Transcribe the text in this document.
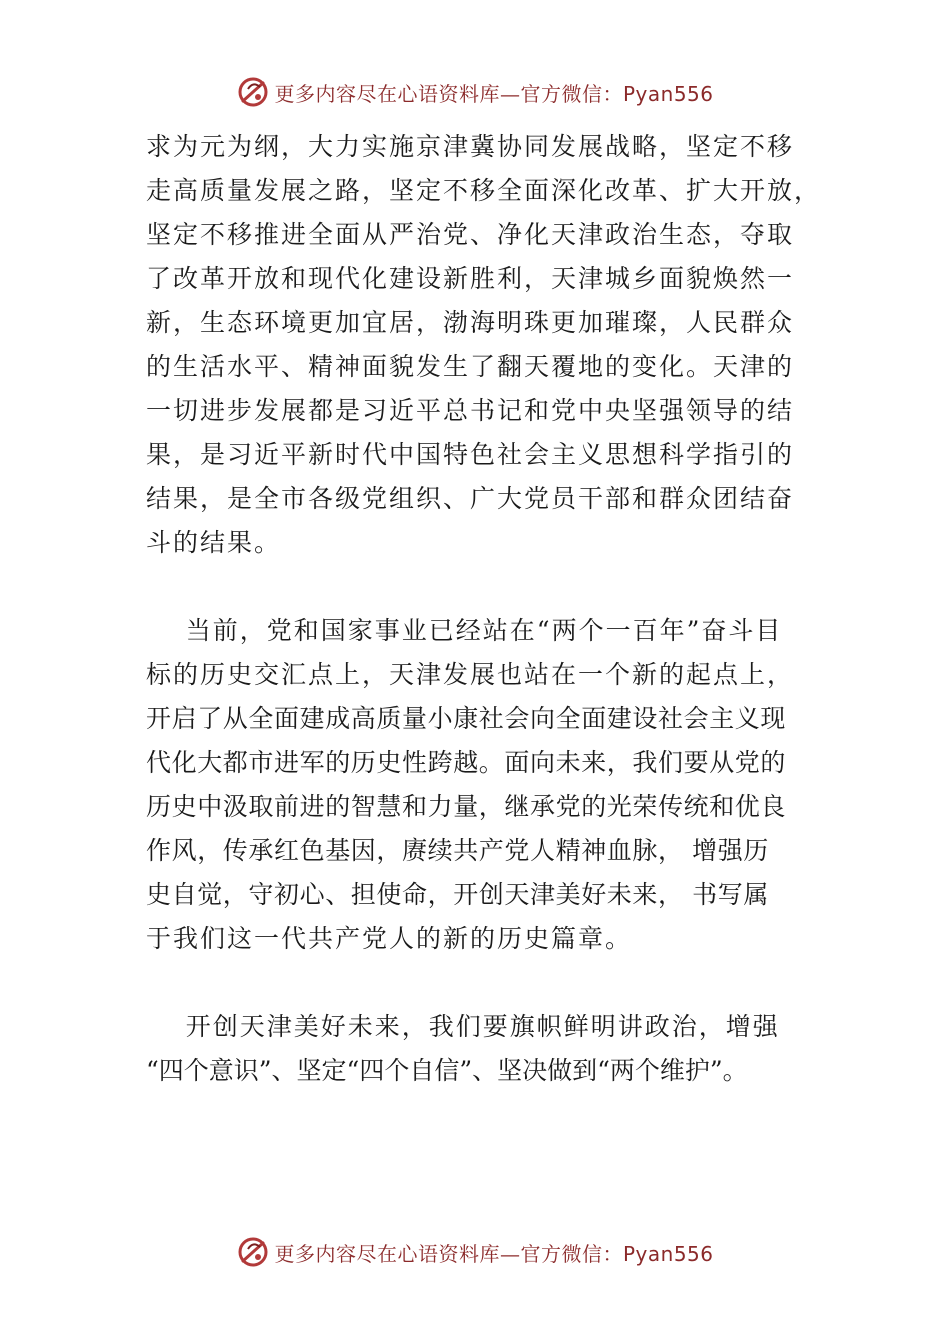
更多内容尽在心语资料库—官方微信：Pyan556
求为元为纲，大力实施京津冀协同发展战略，坚定不移
走高质量发展之路，坚定不移全面深化改革、扩大开放，
坚定不移推进全面从严治党、净化天津政治生态，夺取
了改革开放和现代化建设新胜利，天津城乡面貌焕然一
新，生态环境更加宜居，渤海明珠更加璀璨，人民群众
的生活水平、精神面貌发生了翻天覆地的变化。天津的
一切进步发展都是习近平总书记和党中央坚强领导的结
果，是习近平新时代中国特色社会主义思想科学指引的
结果，是全市各级党组织、广大党员干部和群众团结奋
斗的结果。
当前，党和国家事业已经站在“两个一百年”奋斗目
标的历史交汇点上，天津发展也站在一个新的起点上，
开启了从全面建成高质量小康社会向全面建设社会主义现
代化大都市进军的历史性跨越。面向未来，我们要从党的
历史中汲取前进的智慧和力量，继承党的光荣传统和优良
作风，传承红色基因，赓续共产党人精神血脉， 增强历
史自觉，守初心、担使命，开创天津美好未来， 书写属
于我们这一代共产党人的新的历史篇章。
开创天津美好未来，我们要旗帜鲜明讲政治，增强
“四个意识”、坚定“四个自信”、坚决做到“两个维护”。
更多内容尽在心语资料库—官方微信：Pyan556
